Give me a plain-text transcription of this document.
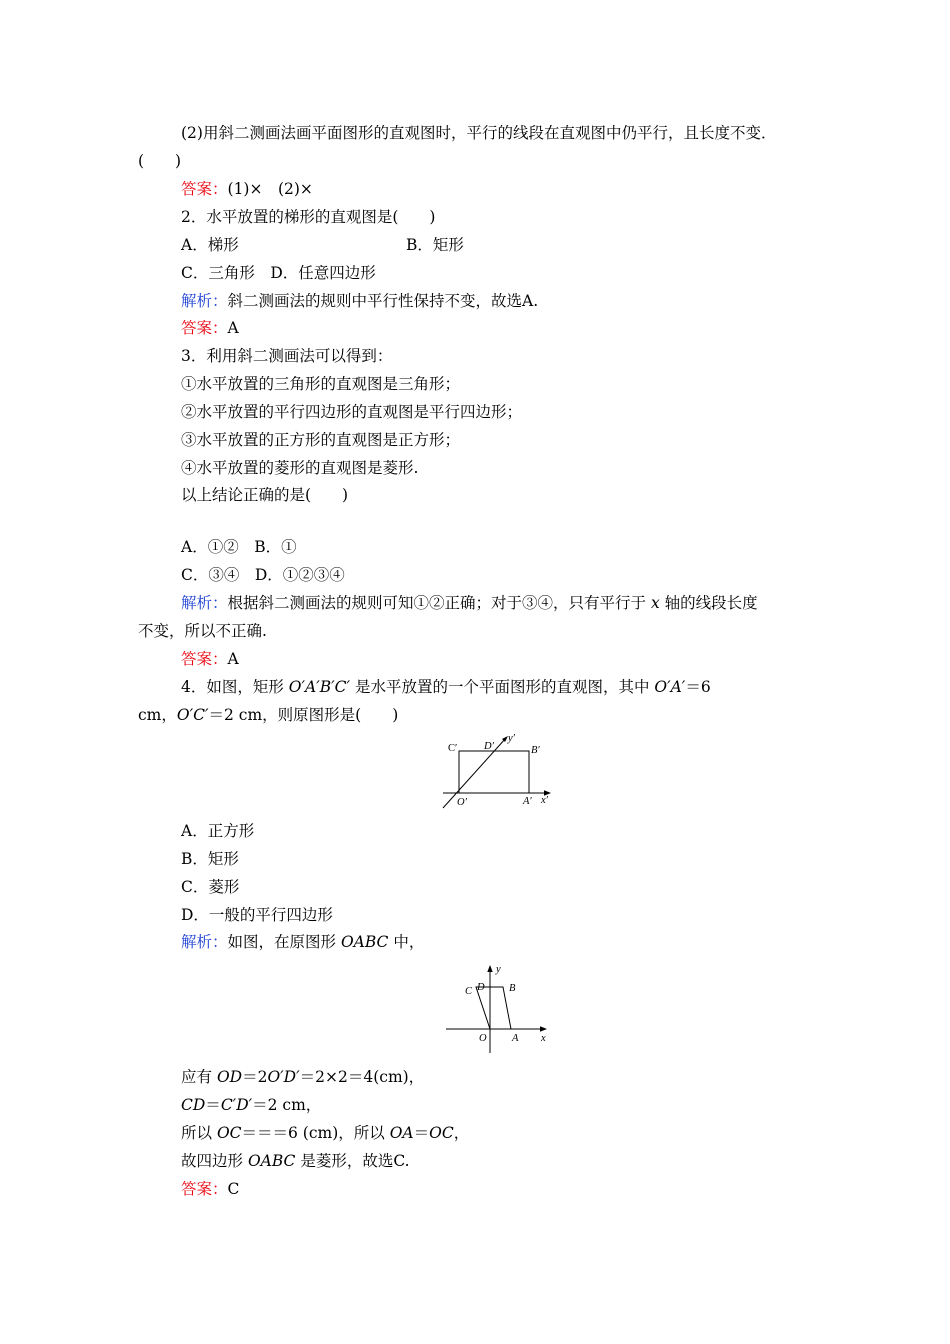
(2)用斜二测画法画平面图形的直观图时，平行的线段在直观图中仍平行，且长度不变．
(　　)
答案：(1)×　(2)×
2．水平放置的梯形的直观图是(　　)
A．梯形	B．矩形
C．三角形　D．任意四边形
解析：斜二测画法的规则中平行性保持不变，故选A.
答案：A
3．利用斜二测画法可以得到：
①水平放置的三角形的直观图是三角形；
②水平放置的平行四边形的直观图是平行四边形；
③水平放置的正方形的直观图是正方形；
④水平放置的菱形的直观图是菱形.
以上结论正确的是(　　)
A．①②　B．①
C．③④　D．①②③④
解析：根据斜二测画法的规则可知①②正确；对于③④，只有平行于 x 轴的线段长度
不变，所以不正确.
答案：A
4．如图，矩形 O′A′B′C′ 是水平放置的一个平面图形的直观图，其中 O′A′＝6
cm，O′C′＝2 cm，则原图形是(　　)
C′	D′
y′
B′
O′	A′ x′
A．正方形
B．矩形
C．菱形
D．一般的平行四边形
解析：如图，在原图形 OABC 中，
y
C D B
O A x
应有 OD＝2O′D′＝2×2＝4(cm)，
CD＝C′D′＝2 cm，
所以 OC＝＝＝6 (cm)，所以 OA＝OC，
故四边形 OABC 是菱形，故选C.
答案：C
